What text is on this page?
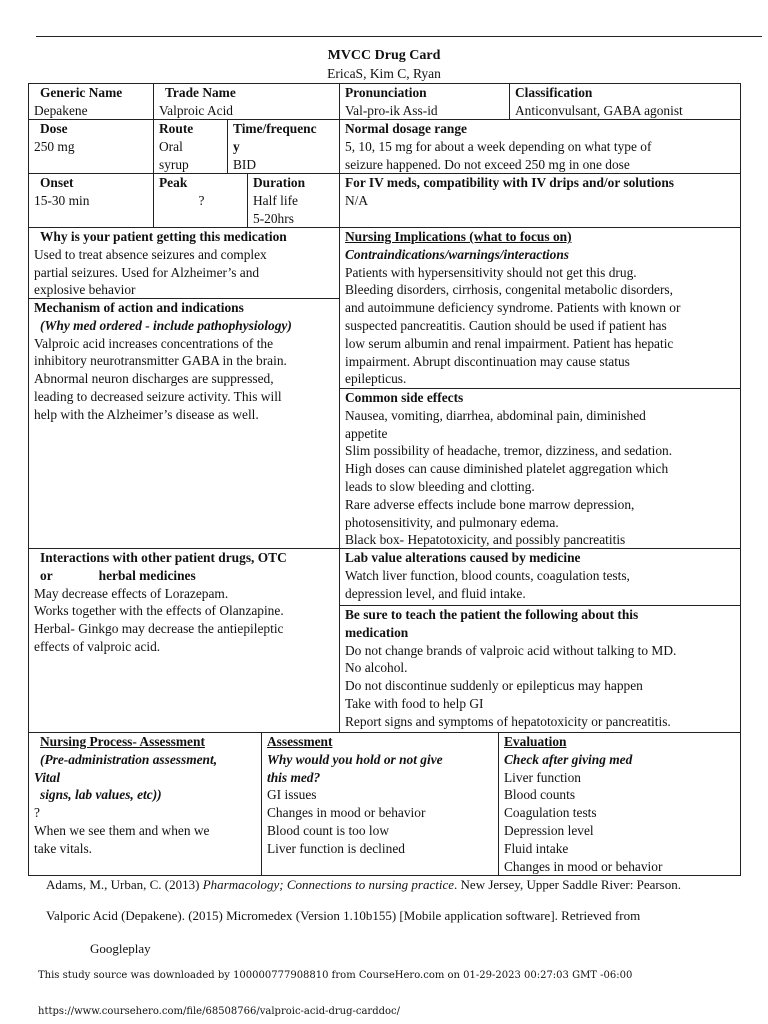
MVCC Drug Card
EricaS, Kim C, Ryan
Generic Name
Depakene
Trade Name
Valproic Acid
Pronunciation
Val-pro-ik Ass-id
Classification
Anticonvulsant, GABA agonist
Dose
250 mg
Route
Oral
syrup
Time/frequenc
y
BID
Normal dosage range
5, 10, 15 mg for about a week depending on what type of
seizure happened. Do not exceed 250 mg in one dose
Onset
15-30 min
Peak
?
Duration
Half life
5-20hrs
For IV meds, compatibility with IV drips and/or solutions
N/A
Why is your patient getting this medication
Used to treat absence seizures and complex
partial seizures. Used for Alzheimer’s and
explosive behavior
Mechanism of action and indications
(Why med ordered - include pathophysiology)
Valproic acid increases concentrations of the
inhibitory neurotransmitter GABA in the brain.
Abnormal neuron discharges are suppressed,
leading to decreased seizure activity. This will
help with the Alzheimer’s disease as well.
Nursing Implications (what to focus on)
Contraindications/warnings/interactions
Patients with hypersensitivity should not get this drug.
Bleeding disorders, cirrhosis, congenital metabolic disorders,
and autoimmune deficiency syndrome. Patients with known or
suspected pancreatitis. Caution should be used if patient has
low serum albumin and renal impairment. Patient has hepatic
impairment. Abrupt discontinuation may cause status
epilepticus.
Common side effects
Nausea, vomiting, diarrhea, abdominal pain, diminished
appetite
Slim possibility of headache, tremor, dizziness, and sedation.
High doses can cause diminished platelet aggregation which
leads to slow bleeding and clotting.
Rare adverse effects include bone marrow depression,
photosensitivity, and pulmonary edema.
Black box- Hepatotoxicity, and possibly pancreatitis
Interactions with other patient drugs, OTC
or	herbal medicines
May decrease effects of Lorazepam.
Works together with the effects of Olanzapine.
Herbal- Ginkgo may decrease the antiepileptic
effects of valproic acid.
Lab value alterations caused by medicine
Watch liver function, blood counts, coagulation tests,
depression level, and fluid intake.
Be sure to teach the patient the following about this
medication
Do not change brands of valproic acid without talking to MD.
No alcohol.
Do not discontinue suddenly or epilepticus may happen
Take with food to help GI
Report signs and symptoms of hepatotoxicity or pancreatitis.
Nursing Process- Assessment
(Pre-administration assessment,
Vital
signs, lab values, etc))
?
When we see them and when we
take vitals.
Assessment
Why would you hold or not give
this med?
GI issues
Changes in mood or behavior
Blood count is too low
Liver function is declined
Evaluation
Check after giving med
Liver function
Blood counts
Coagulation tests
Depression level
Fluid intake
Changes in mood or behavior
Adams, M., Urban, C. (2013) Pharmacology; Connections to nursing practice. New Jersey, Upper Saddle River: Pearson.
Valporic Acid (Depakene). (2015) Micromedex (Version 1.10b155) [Mobile application software]. Retrieved from
Googleplay
This study source was downloaded by 100000777908810 from CourseHero.com on 01-29-2023 00:27:03 GMT -06:00
https://www.coursehero.com/file/68508766/valproic-acid-drug-carddoc/
